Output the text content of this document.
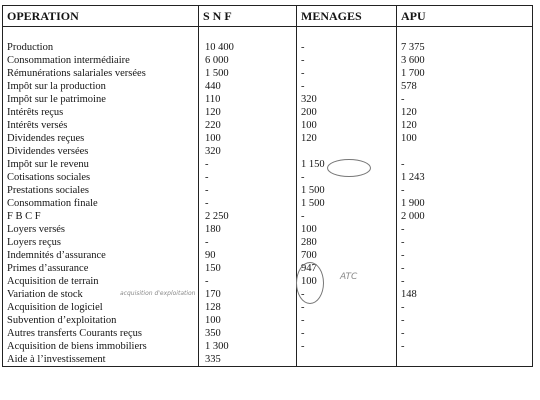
OPERATION	S N F	MENAGES	APU

Production	10 400	-	7 375
Consommation intermédiaire	6 000	-	3 600
Rémunérations salariales versées	1 500	-	1 700
Impôt sur la production	440	-	578
Impôt sur le patrimoine	110	320	-
Intérêts reçus	120	200	120
Intérêts versés	220	100	120
Dividendes reçues	100	120	100
Dividendes versées	320		
Impôt sur le revenu	-	1 150	-
Cotisations sociales	-	-	1 243
Prestations sociales	-	1 500	-
Consommation finale	-	1 500	1 900
F B C F	2 250	-	2 000
Loyers versés	180	100	-
Loyers reçus	-	280	-
Indemnités d’assurance	90	700	-
Primes d’assurance	150	947	-
Acquisition de terrain	-	100	-
Variation de stock	170	-	148
Acquisition de logiciel	128	-	-
Subvention d’exploitation	100	-	-
Autres transferts Courants reçus	350	-	-
Acquisition de biens immobiliers	1 300	-	-
Aide à l’investissement	335		
acquisition d'exploitation
ATC
